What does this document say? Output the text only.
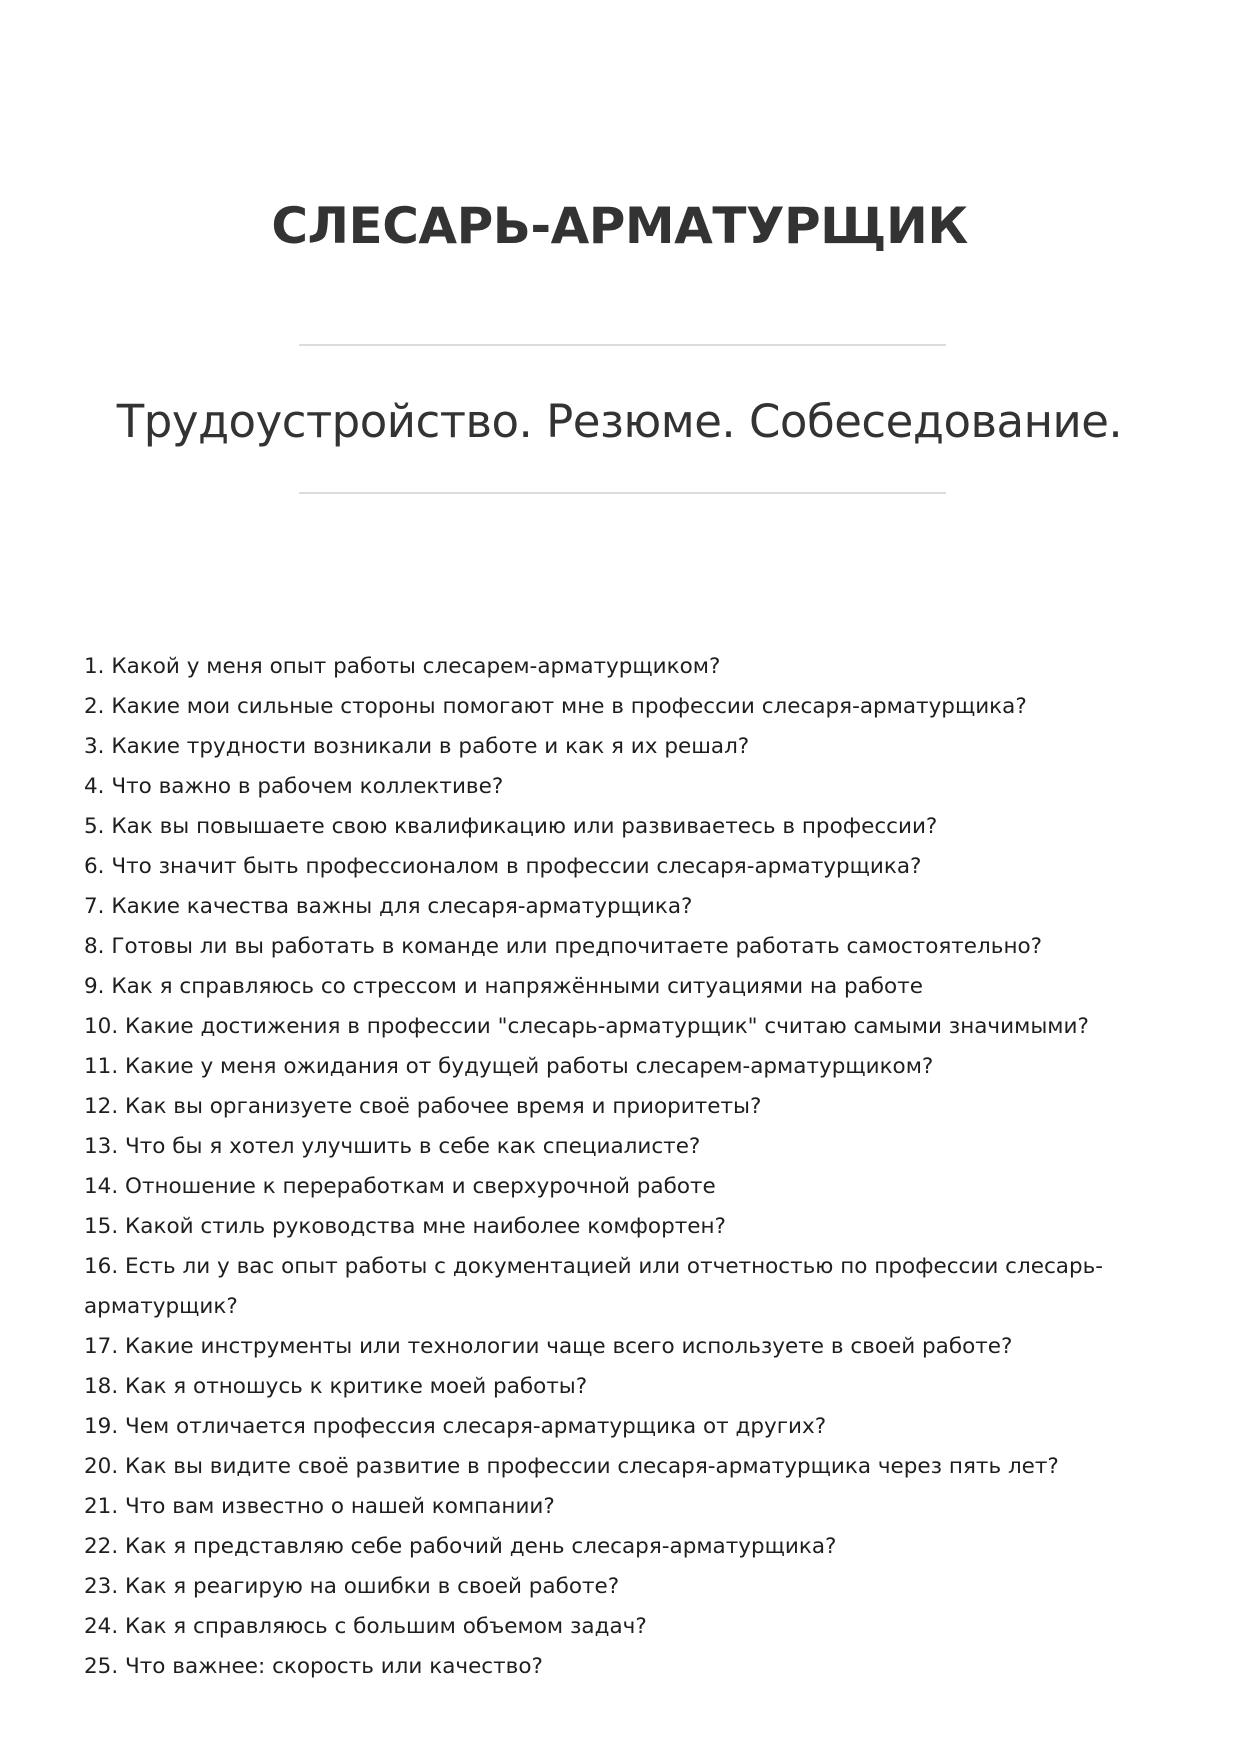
СЛЕСАРЬ-АРМАТУРЩИК
Трудоустройство. Резюме. Собеседование.
1. Какой у меня опыт работы слесарем-арматурщиком?
2. Какие мои сильные стороны помогают мне в профессии слесаря-арматурщика?
3. Какие трудности возникали в работе и как я их решал?
4. Что важно в рабочем коллективе?
5. Как вы повышаете свою квалификацию или развиваетесь в профессии?
6. Что значит быть профессионалом в профессии слесаря-арматурщика?
7. Какие качества важны для слесаря-арматурщика?
8. Готовы ли вы работать в команде или предпочитаете работать самостоятельно?
9. Как я справляюсь со стрессом и напряжёнными ситуациями на работе
10. Какие достижения в профессии "слесарь-арматурщик" считаю самыми значимыми?
11. Какие у меня ожидания от будущей работы слесарем-арматурщиком?
12. Как вы организуете своё рабочее время и приоритеты?
13. Что бы я хотел улучшить в себе как специалисте?
14. Отношение к переработкам и сверхурочной работе
15. Какой стиль руководства мне наиболее комфортен?
16. Есть ли у вас опыт работы с документацией или отчетностью по профессии слесарь-арматурщик?
17. Какие инструменты или технологии чаще всего используете в своей работе?
18. Как я отношусь к критике моей работы?
19. Чем отличается профессия слесаря-арматурщика от других?
20. Как вы видите своё развитие в профессии слесаря-арматурщика через пять лет?
21. Что вам известно о нашей компании?
22. Как я представляю себе рабочий день слесаря-арматурщика?
23. Как я реагирую на ошибки в своей работе?
24. Как я справляюсь с большим объемом задач?
25. Что важнее: скорость или качество?
